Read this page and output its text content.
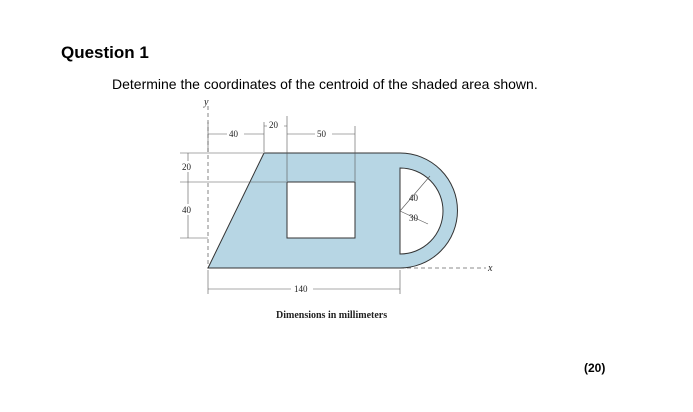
Question 1
Determine the coordinates of the centroid of the shaded area shown.
y
x
40
20
50
20
40
40
30
140
Dimensions in millimeters
(20)
